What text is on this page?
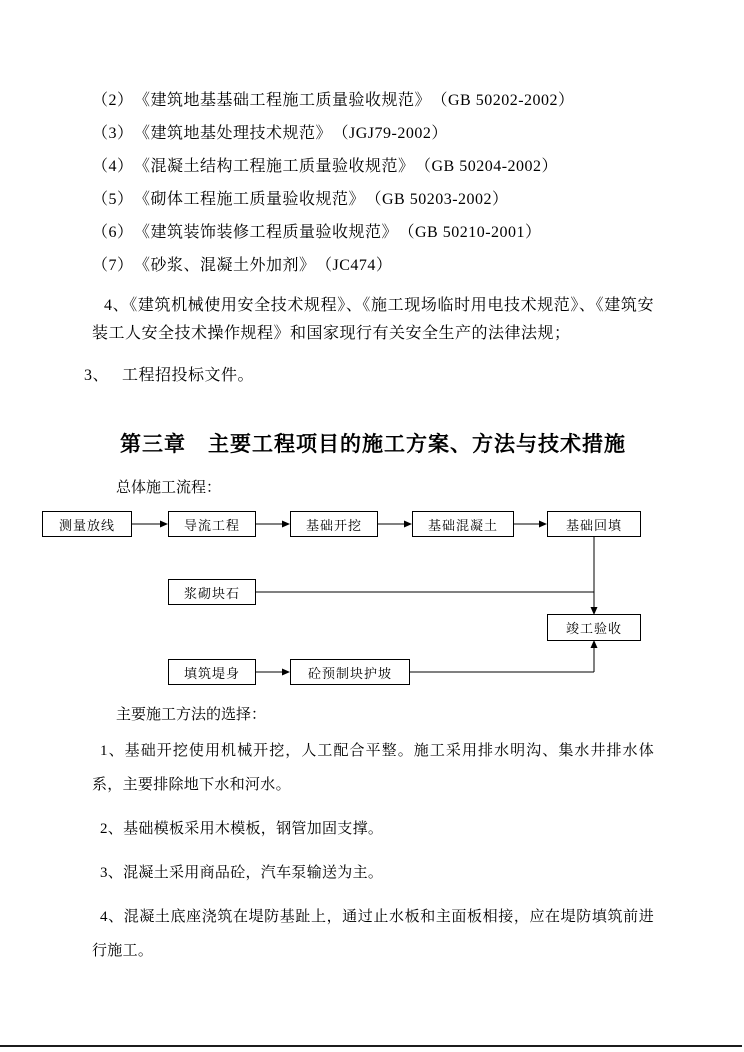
（2）　《建筑地基基础工程施工质量验收规范》　（GB 50202-2002）

（3）　《建筑地基处理技术规范》　（JGJ79-2002）

（4）　《混凝土结构工程施工质量验收规范》　（GB 50204-2002）

（5）　《砌体工程施工质量验收规范》　（GB 50203-2002）

（6）　《建筑装饰装修工程质量验收规范》　（GB 50210-2001）

（7）　《砂浆、混凝土外加剂》　（JC474）

4、《建筑机械使用安全技术规程》、《施工现场临时用电技术规范》、《建筑安装工人安全技术操作规程》和国家现行有关安全生产的法律法规；

3、　 工程招投标文件。

第三章　主要工程项目的施工方案、方法与技术措施

总体施工流程：

测量放线	导流工程	基础开挖	基础混凝土	基础回填
浆砌块石
竣工验收
填筑堤身	砼预制块护坡

主要施工方法的选择：

1、基础开挖使用机械开挖，人工配合平整。施工采用排水明沟、集水井排水体系，主要排除地下水和河水。

2、基础模板采用木模板，钢管加固支撑。

3、混凝土采用商品砼，汽车泵输送为主。

4、混凝土底座浇筑在堤防基趾上，通过止水板和主面板相接，应在堤防填筑前进行施工。
